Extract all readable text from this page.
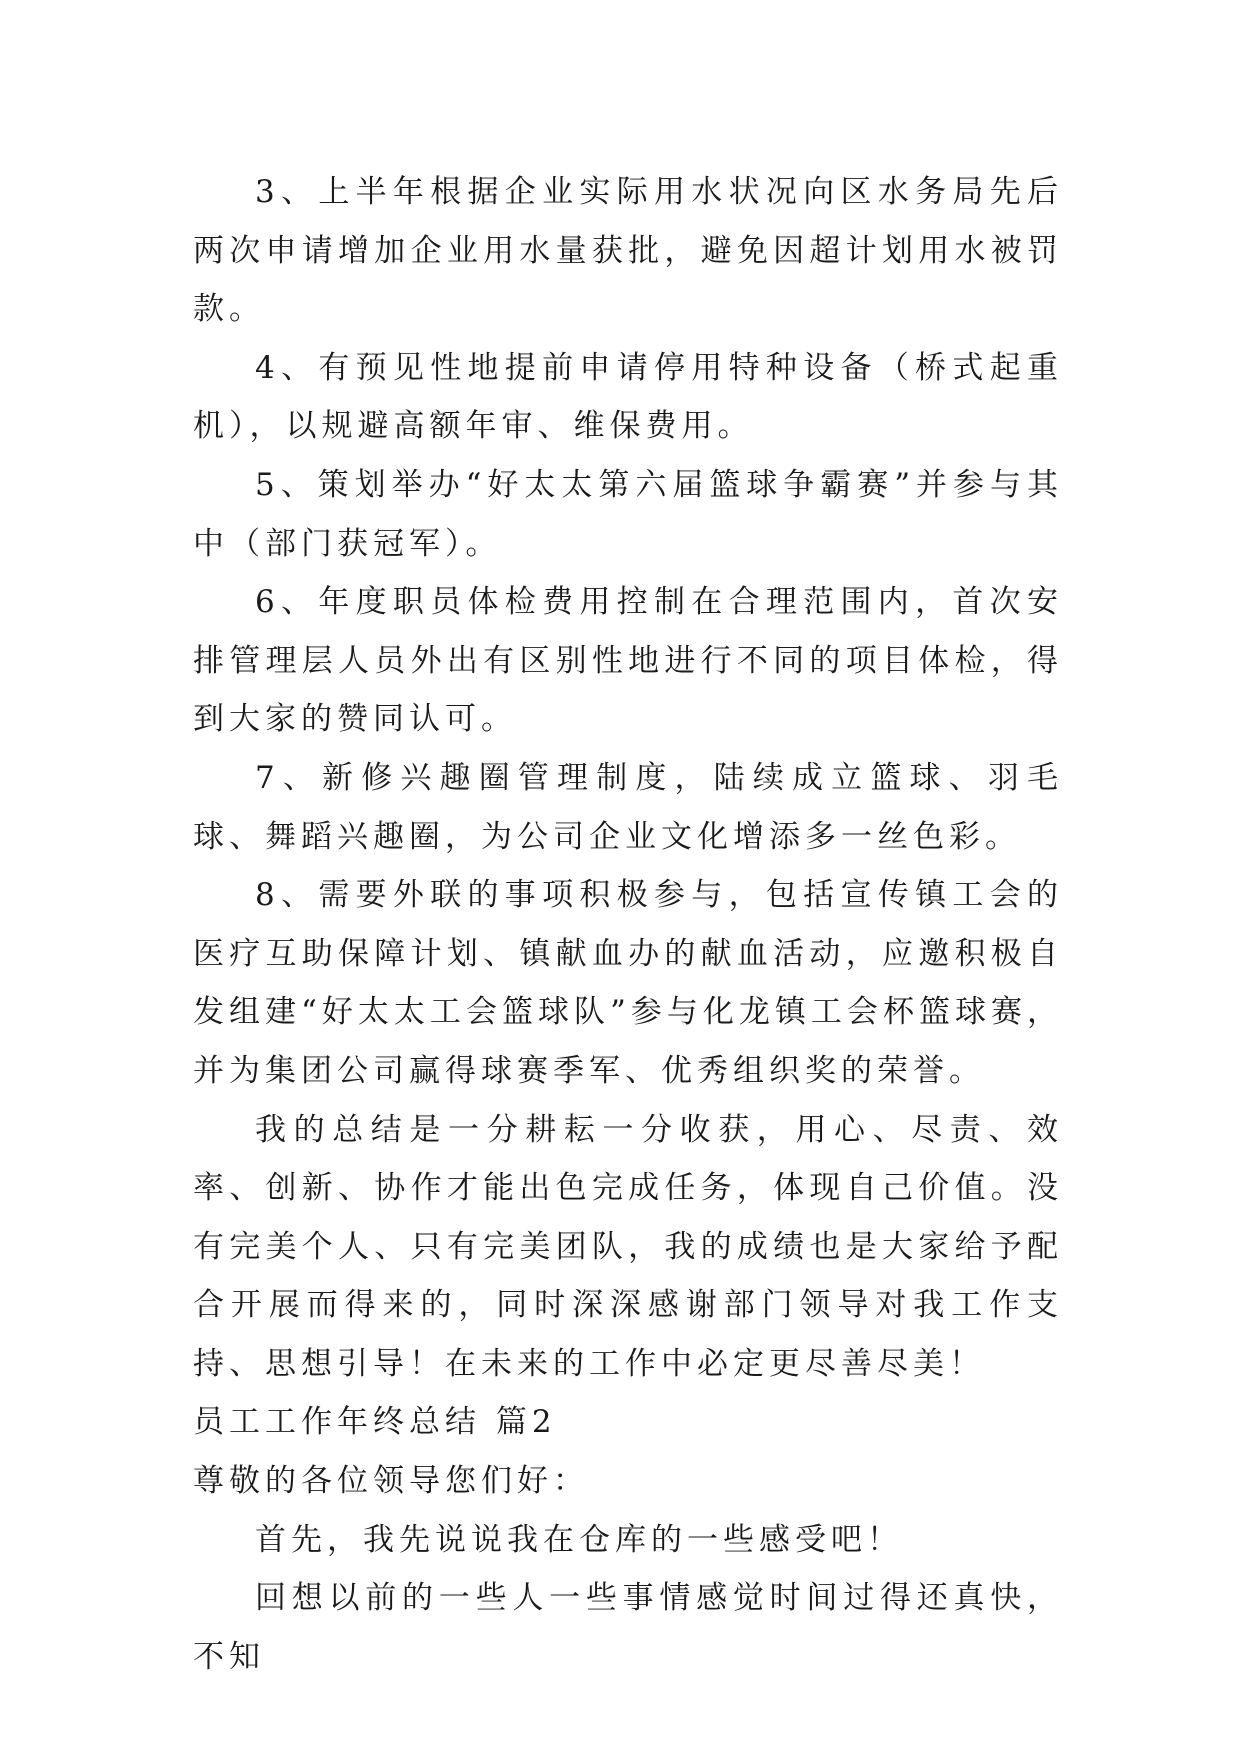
3、上半年根据企业实际用水状况向区水务局先后两次申请增加企业用水量获批，避免因超计划用水被罚款。

4、有预见性地提前申请停用特种设备（桥式起重机），以规避高额年审、维保费用。

5、策划举办“好太太第六届篮球争霸赛”并参与其中（部门获冠军）。

6、年度职员体检费用控制在合理范围内，首次安排管理层人员外出有区别性地进行不同的项目体检，得到大家的赞同认可。

7、新修兴趣圈管理制度，陆续成立篮球、羽毛球、舞蹈兴趣圈，为公司企业文化增添多一丝色彩。

8、需要外联的事项积极参与，包括宣传镇工会的医疗互助保障计划、镇献血办的献血活动，应邀积极自发组建“好太太工会篮球队”参与化龙镇工会杯篮球赛，并为集团公司赢得球赛季军、优秀组织奖的荣誉。

我的总结是一分耕耘一分收获，用心、尽责、效率、创新、协作才能出色完成任务，体现自己价值。没有完美个人、只有完美团队，我的成绩也是大家给予配合开展而得来的，同时深深感谢部门领导对我工作支持、思想引导！在未来的工作中必定更尽善尽美！

员工工作年终总结 篇2

尊敬的各位领导您们好：

首先，我先说说我在仓库的一些感受吧！

回想以前的一些人一些事情感觉时间过得还真快，不知
